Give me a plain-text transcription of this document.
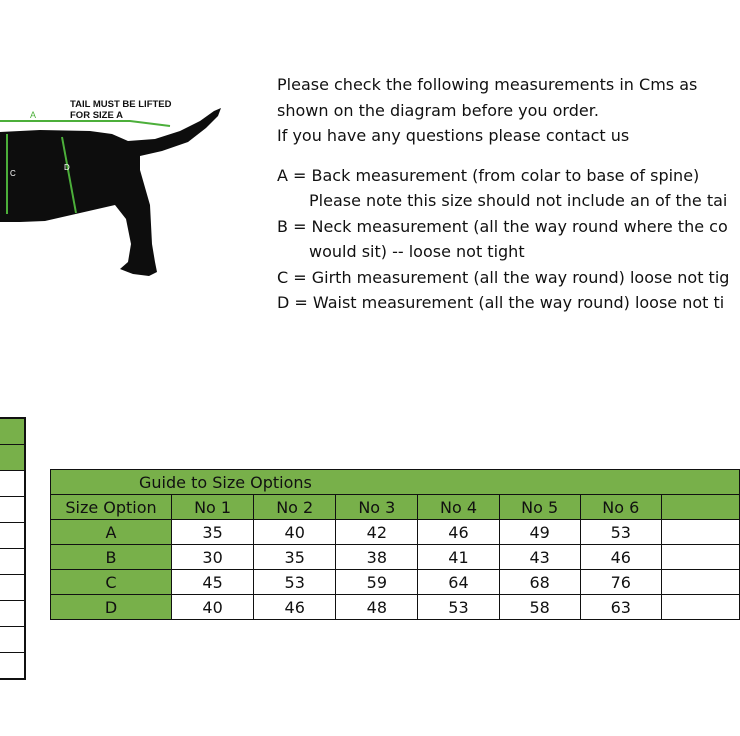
A
C
D
TAIL MUST BE LIFTED
FOR SIZE A

Please check the following measurements in Cms as

shown on the diagram before you order.

If you have any questions please contact us

A = Back measurement (from colar to base of spine)

Please note this size should not include an of the tai

B = Neck measurement (all the way round where the co

would sit) -- loose not tight

C = Girth measurement (all the way round) loose not tig

D = Waist measurement (all the way round) loose not ti

Guide to Size Options							
Size Option	No 1	No 2	No 3	No 4	No 5	No 6	
A	35	40	42	46	49	53	
B	30	35	38	41	43	46	
C	45	53	59	64	68	76	
D	40	46	48	53	58	63	
